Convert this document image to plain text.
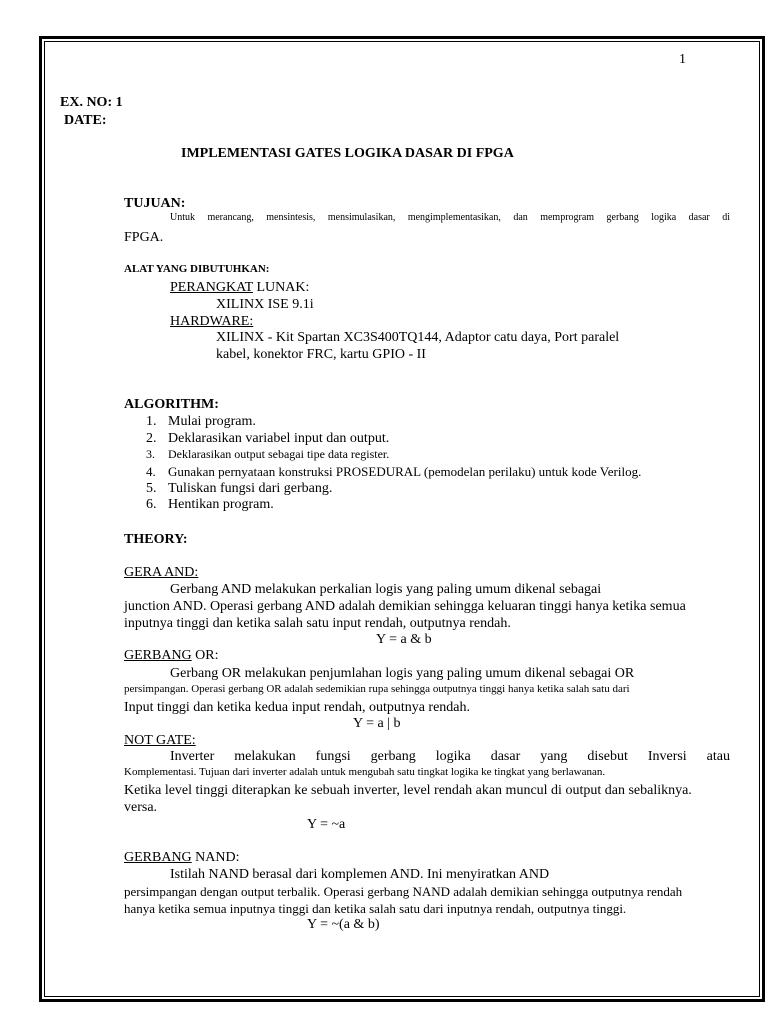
1
EX. NO: 1
DATE:
IMPLEMENTASI GATES LOGIKA DASAR DI FPGA
TUJUAN:
Untuk merancang, mensintesis, mensimulasikan, mengimplementasikan, dan memprogram gerbang logika dasar di
FPGA.
ALAT YANG DIBUTUHKAN:
PERANGKAT LUNAK:
XILINX ISE 9.1i
HARDWARE:
XILINX - Kit Spartan XC3S400TQ144, Adaptor catu daya, Port paralel
kabel, konektor FRC, kartu GPIO - II
ALGORITHM:
1. Mulai program.
2. Deklarasikan variabel input dan output.
3. Deklarasikan output sebagai tipe data register.
4. Gunakan pernyataan konstruksi PROSEDURAL (pemodelan perilaku) untuk kode Verilog.
5. Tuliskan fungsi dari gerbang.
6. Hentikan program.
THEORY:
GERA AND:
Gerbang AND melakukan perkalian logis yang paling umum dikenal sebagai
junction AND. Operasi gerbang AND adalah demikian sehingga keluaran tinggi hanya ketika semua
inputnya tinggi dan ketika salah satu input rendah, outputnya rendah.
Y = a & b
GERBANG OR:
Gerbang OR melakukan penjumlahan logis yang paling umum dikenal sebagai OR
persimpangan. Operasi gerbang OR adalah sedemikian rupa sehingga outputnya tinggi hanya ketika salah satu dari
Input tinggi dan ketika kedua input rendah, outputnya rendah.
Y = a | b
NOT GATE:
Inverter melakukan fungsi gerbang logika dasar yang disebut Inversi atau
Komplementasi. Tujuan dari inverter adalah untuk mengubah satu tingkat logika ke tingkat yang berlawanan.
Ketika level tinggi diterapkan ke sebuah inverter, level rendah akan muncul di output dan sebaliknya.
versa.
Y = ~a
GERBANG NAND:
Istilah NAND berasal dari komplemen AND. Ini menyiratkan AND
persimpangan dengan output terbalik. Operasi gerbang NAND adalah demikian sehingga outputnya rendah
hanya ketika semua inputnya tinggi dan ketika salah satu dari inputnya rendah, outputnya tinggi.
Y = ~(a & b)
